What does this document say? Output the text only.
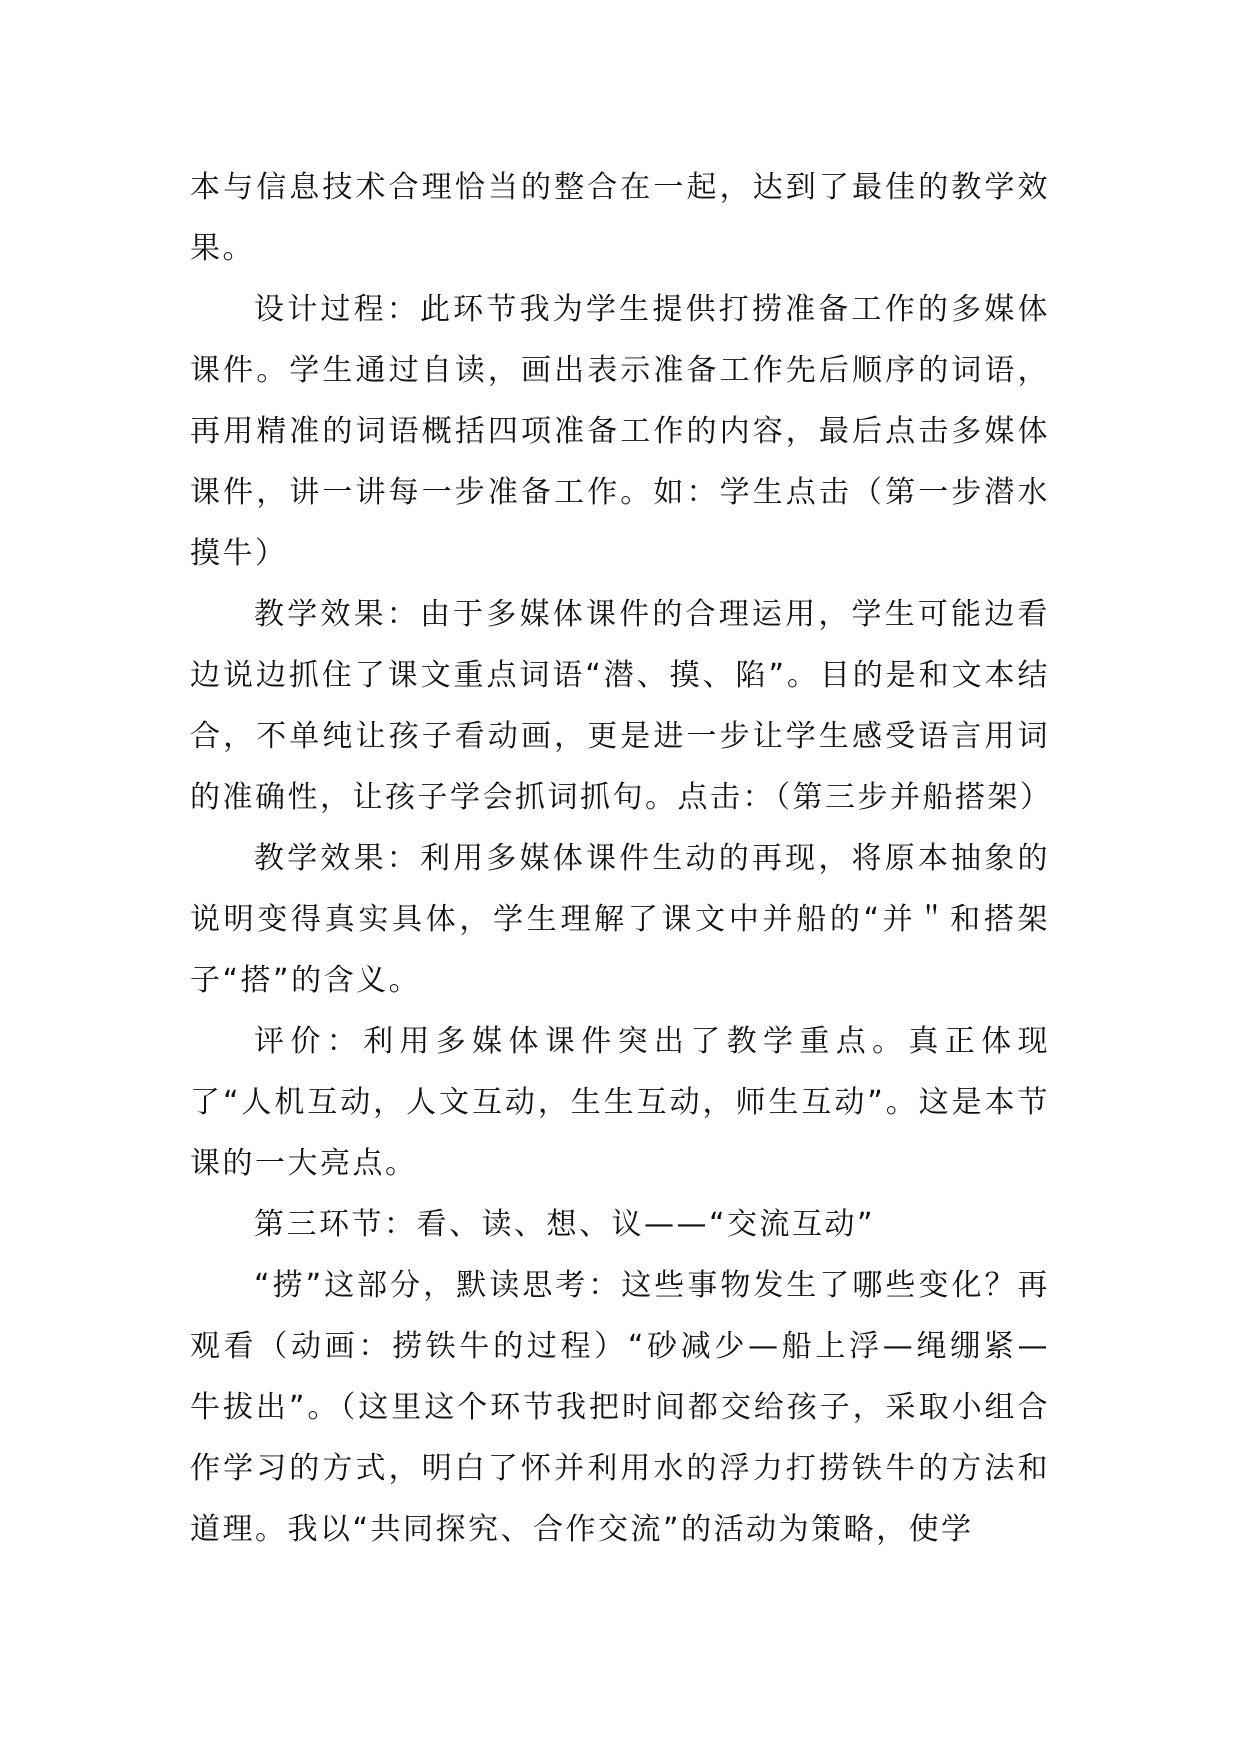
本与信息技术合理恰当的整合在一起，达到了最佳的教学效果。

设计过程：此环节我为学生提供打捞准备工作的多媒体课件。学生通过自读，画出表示准备工作先后顺序的词语，再用精准的词语概括四项准备工作的内容，最后点击多媒体课件，讲一讲每一步准备工作。如：学生点击（第一步潜水摸牛）

教学效果：由于多媒体课件的合理运用，学生可能边看边说边抓住了课文重点词语“潜、摸、陷”。目的是和文本结合，不单纯让孩子看动画，更是进一步让学生感受语言用词的准确性，让孩子学会抓词抓句。点击：（第三步并船搭架）

教学效果：利用多媒体课件生动的再现，将原本抽象的说明变得真实具体，学生理解了课文中并船的“并＂和搭架子“搭”的含义。

评价：利用多媒体课件突出了教学重点。真正体现了“人机互动，人文互动，生生互动，师生互动”。这是本节课的一大亮点。

第三环节：看、读、想、议——“交流互动”

“捞”这部分，默读思考：这些事物发生了哪些变化？再观看（动画：捞铁牛的过程）“砂减少—船上浮—绳绷紧—牛拔出”。（这里这个环节我把时间都交给孩子，采取小组合作学习的方式，明白了怀并利用水的浮力打捞铁牛的方法和道理。我以“共同探究、合作交流”的活动为策略，使学
